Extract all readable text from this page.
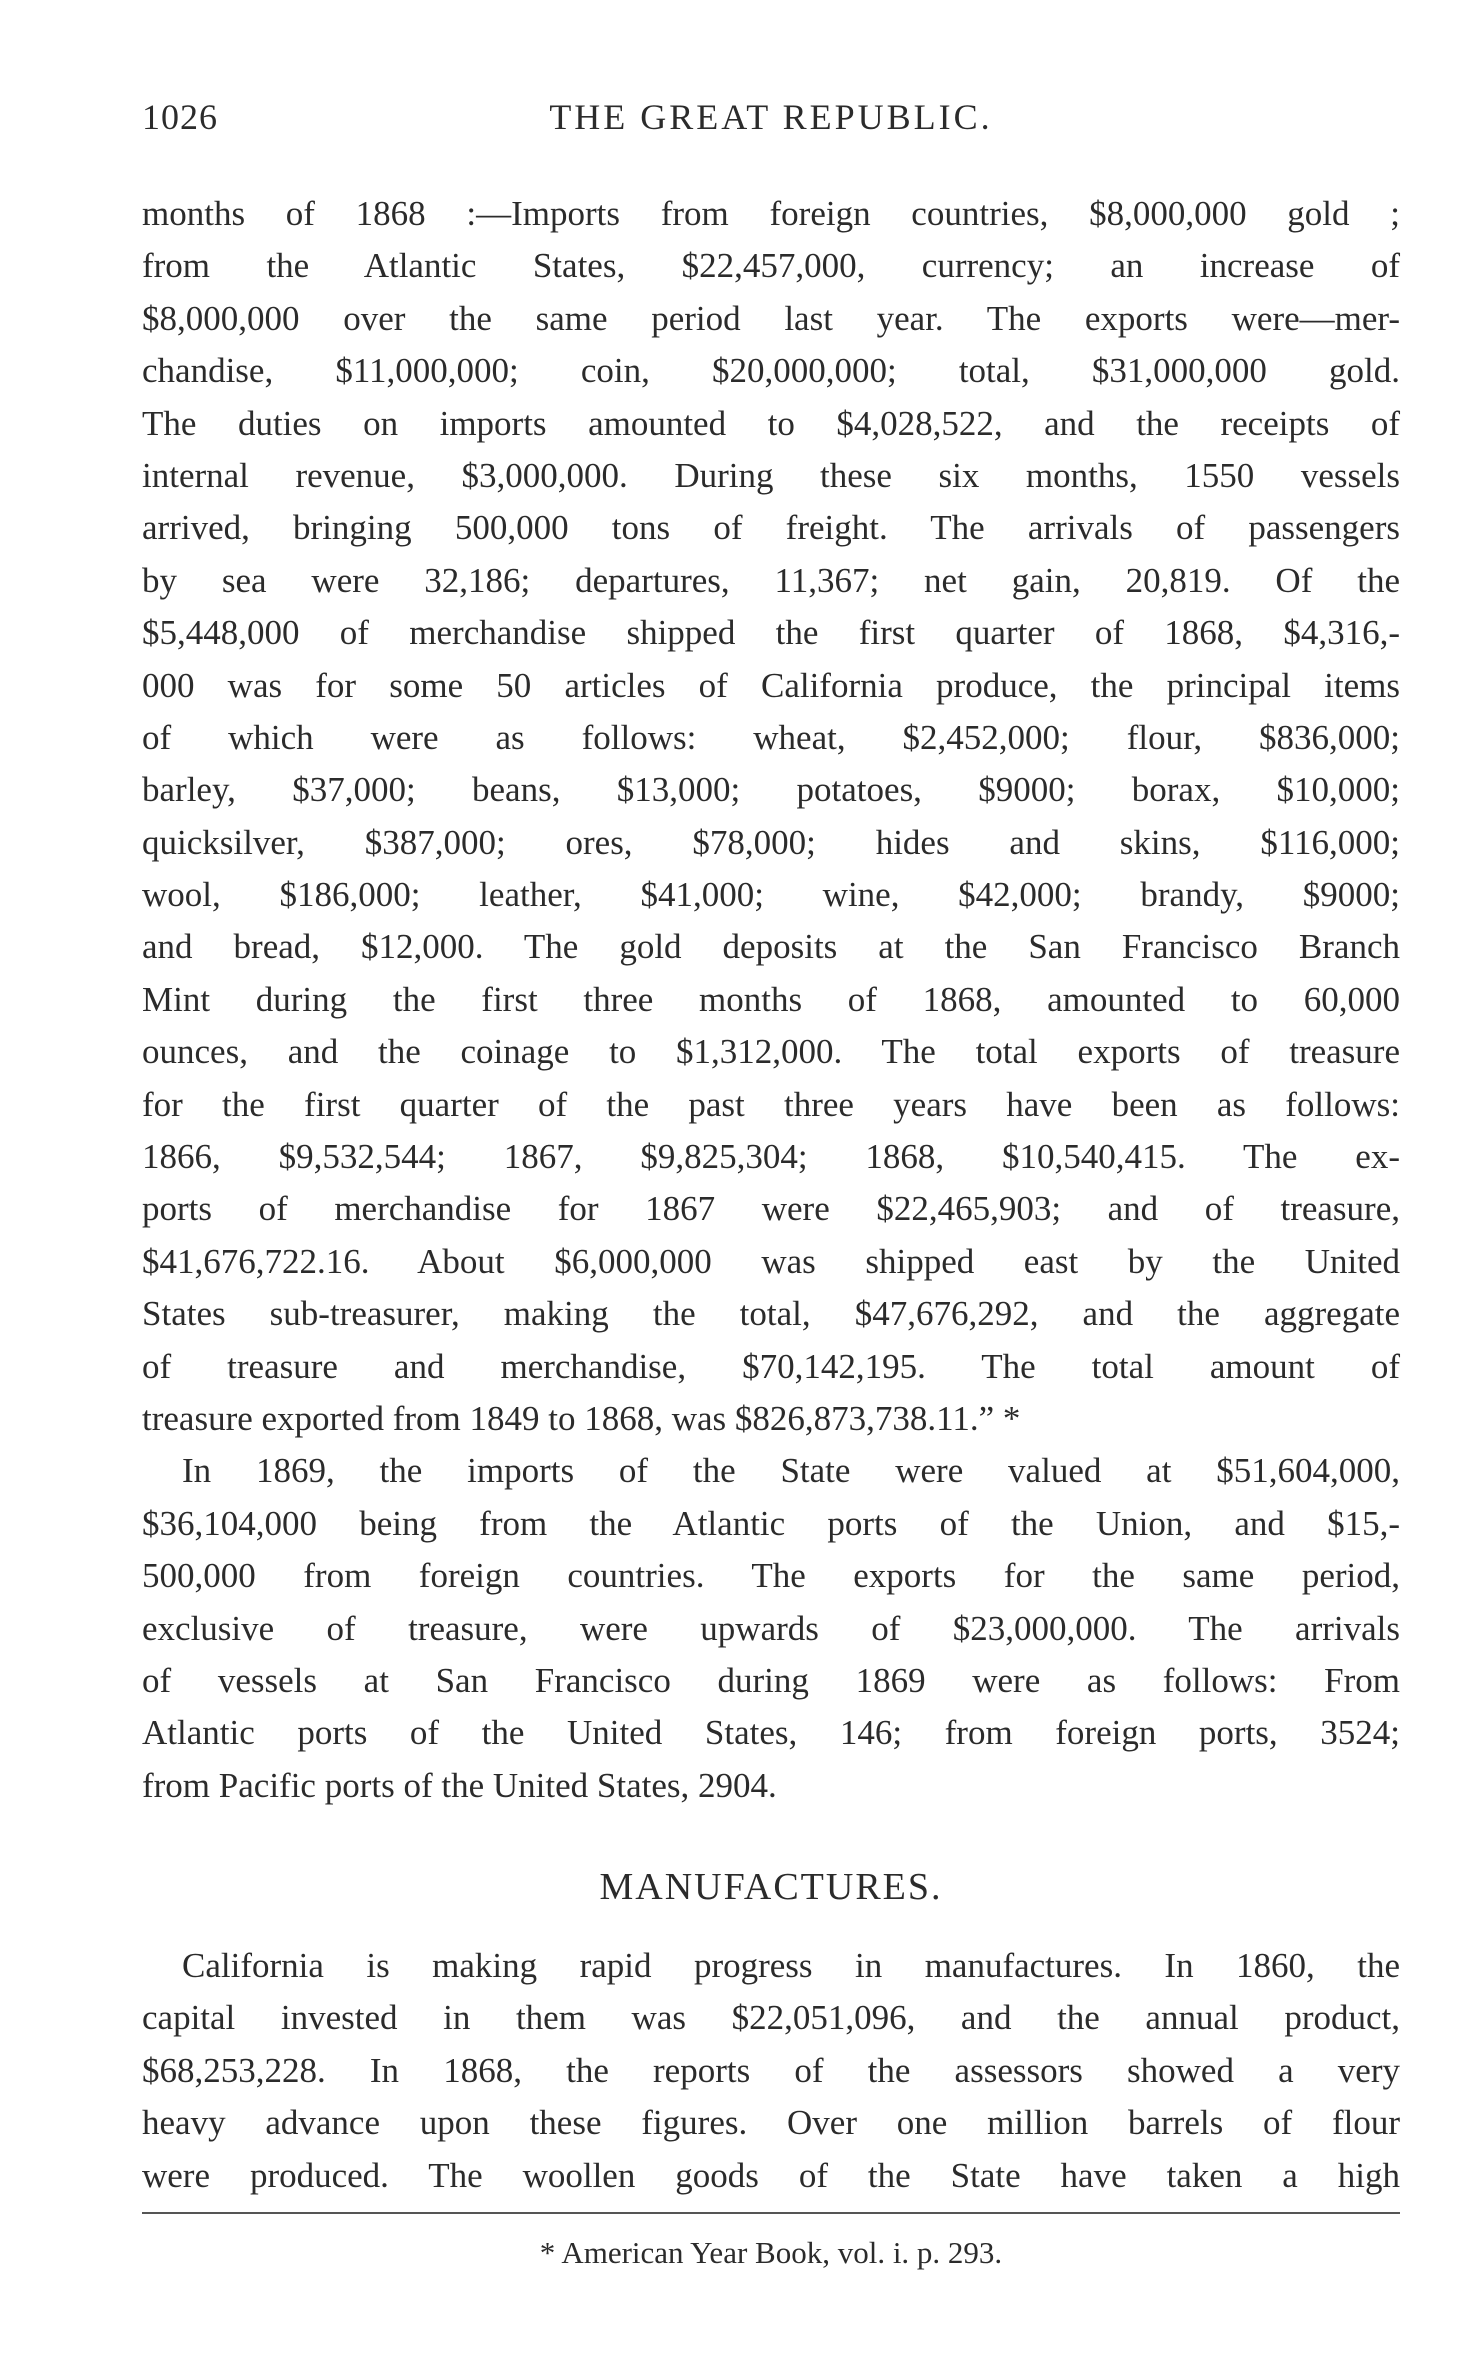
1026	THE GREAT REPUBLIC.
months of 1868 :—Imports from foreign countries, $8,000,000 gold ;
from the Atlantic States, $22,457,000, currency; an increase of
$8,000,000 over the same period last year. The exports were—mer-
chandise, $11,000,000; coin, $20,000,000; total, $31,000,000 gold.
The duties on imports amounted to $4,028,522, and the receipts of
internal revenue, $3,000,000. During these six months, 1550 vessels
arrived, bringing 500,000 tons of freight. The arrivals of passengers
by sea were 32,186; departures, 11,367; net gain, 20,819. Of the
$5,448,000 of merchandise shipped the first quarter of 1868, $4,316,-
000 was for some 50 articles of California produce, the principal items
of which were as follows: wheat, $2,452,000; flour, $836,000;
barley, $37,000; beans, $13,000; potatoes, $9000; borax, $10,000;
quicksilver, $387,000; ores, $78,000; hides and skins, $116,000;
wool, $186,000; leather, $41,000; wine, $42,000; brandy, $9000;
and bread, $12,000. The gold deposits at the San Francisco Branch
Mint during the first three months of 1868, amounted to 60,000
ounces, and the coinage to $1,312,000. The total exports of treasure
for the first quarter of the past three years have been as follows:
1866, $9,532,544; 1867, $9,825,304; 1868, $10,540,415. The ex-
ports of merchandise for 1867 were $22,465,903; and of treasure,
$41,676,722.16. About $6,000,000 was shipped east by the United
States sub-treasurer, making the total, $47,676,292, and the aggregate
of treasure and merchandise, $70,142,195. The total amount of
treasure exported from 1849 to 1868, was $826,873,738.11.” *
In 1869, the imports of the State were valued at $51,604,000,
$36,104,000 being from the Atlantic ports of the Union, and $15,-
500,000 from foreign countries. The exports for the same period,
exclusive of treasure, were upwards of $23,000,000. The arrivals
of vessels at San Francisco during 1869 were as follows: From
Atlantic ports of the United States, 146; from foreign ports, 3524;
from Pacific ports of the United States, 2904.
MANUFACTURES.
California is making rapid progress in manufactures. In 1860, the
capital invested in them was $22,051,096, and the annual product,
$68,253,228. In 1868, the reports of the assessors showed a very
heavy advance upon these figures. Over one million barrels of flour
were produced. The woollen goods of the State have taken a high
* American Year Book, vol. i. p. 293.
